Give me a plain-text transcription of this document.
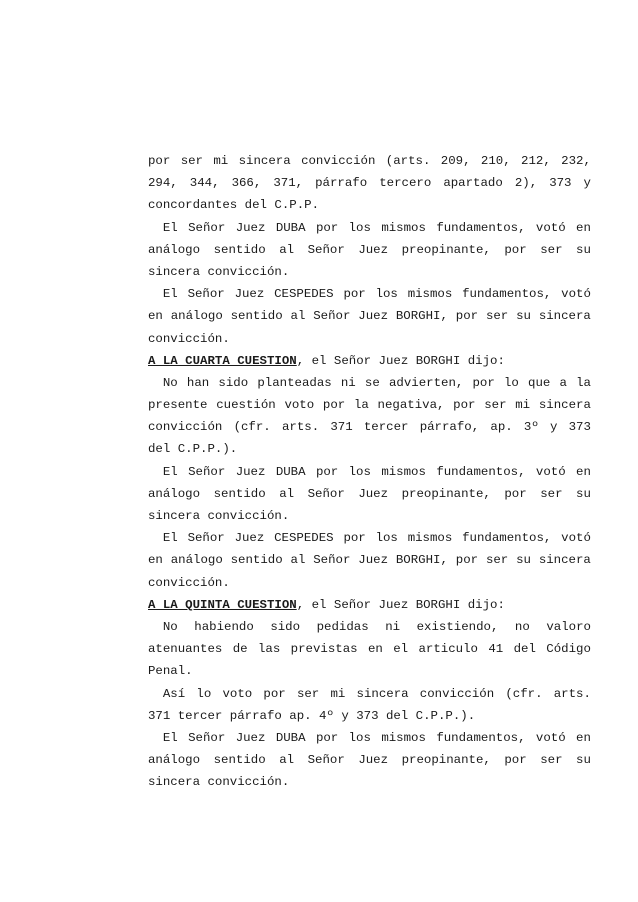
por ser mi sincera convicción (arts. 209, 210, 212, 232,
294, 344, 366, 371, párrafo tercero apartado 2), 373 y
concordantes del C.P.P.
El Señor Juez DUBA por los mismos fundamentos, votó en
análogo sentido al Señor Juez preopinante, por ser su
sincera convicción.
El Señor Juez CESPEDES por los mismos fundamentos, votó
en análogo sentido al Señor Juez BORGHI, por ser su sincera
convicción.
A LA CUARTA CUESTION, el Señor Juez BORGHI dijo:
No han sido planteadas ni se advierten, por lo que a la
presente cuestión voto por la negativa, por ser mi sincera
convicción (cfr. arts. 371 tercer párrafo, ap. 3º y 373
del C.P.P.).
El Señor Juez DUBA por los mismos fundamentos, votó en
análogo sentido al Señor Juez preopinante, por ser su
sincera convicción.
El Señor Juez CESPEDES por los mismos fundamentos, votó
en análogo sentido al Señor Juez BORGHI, por ser su sincera
convicción.
A LA QUINTA CUESTION, el Señor Juez BORGHI dijo:
No habiendo sido pedidas ni existiendo, no valoro
atenuantes de las previstas en el articulo 41 del Código
Penal.
Así lo voto por ser mi sincera convicción (cfr. arts.
371 tercer párrafo ap. 4º y 373 del C.P.P.).
El Señor Juez DUBA por los mismos fundamentos, votó en
análogo sentido al Señor Juez preopinante, por ser su
sincera convicción.
